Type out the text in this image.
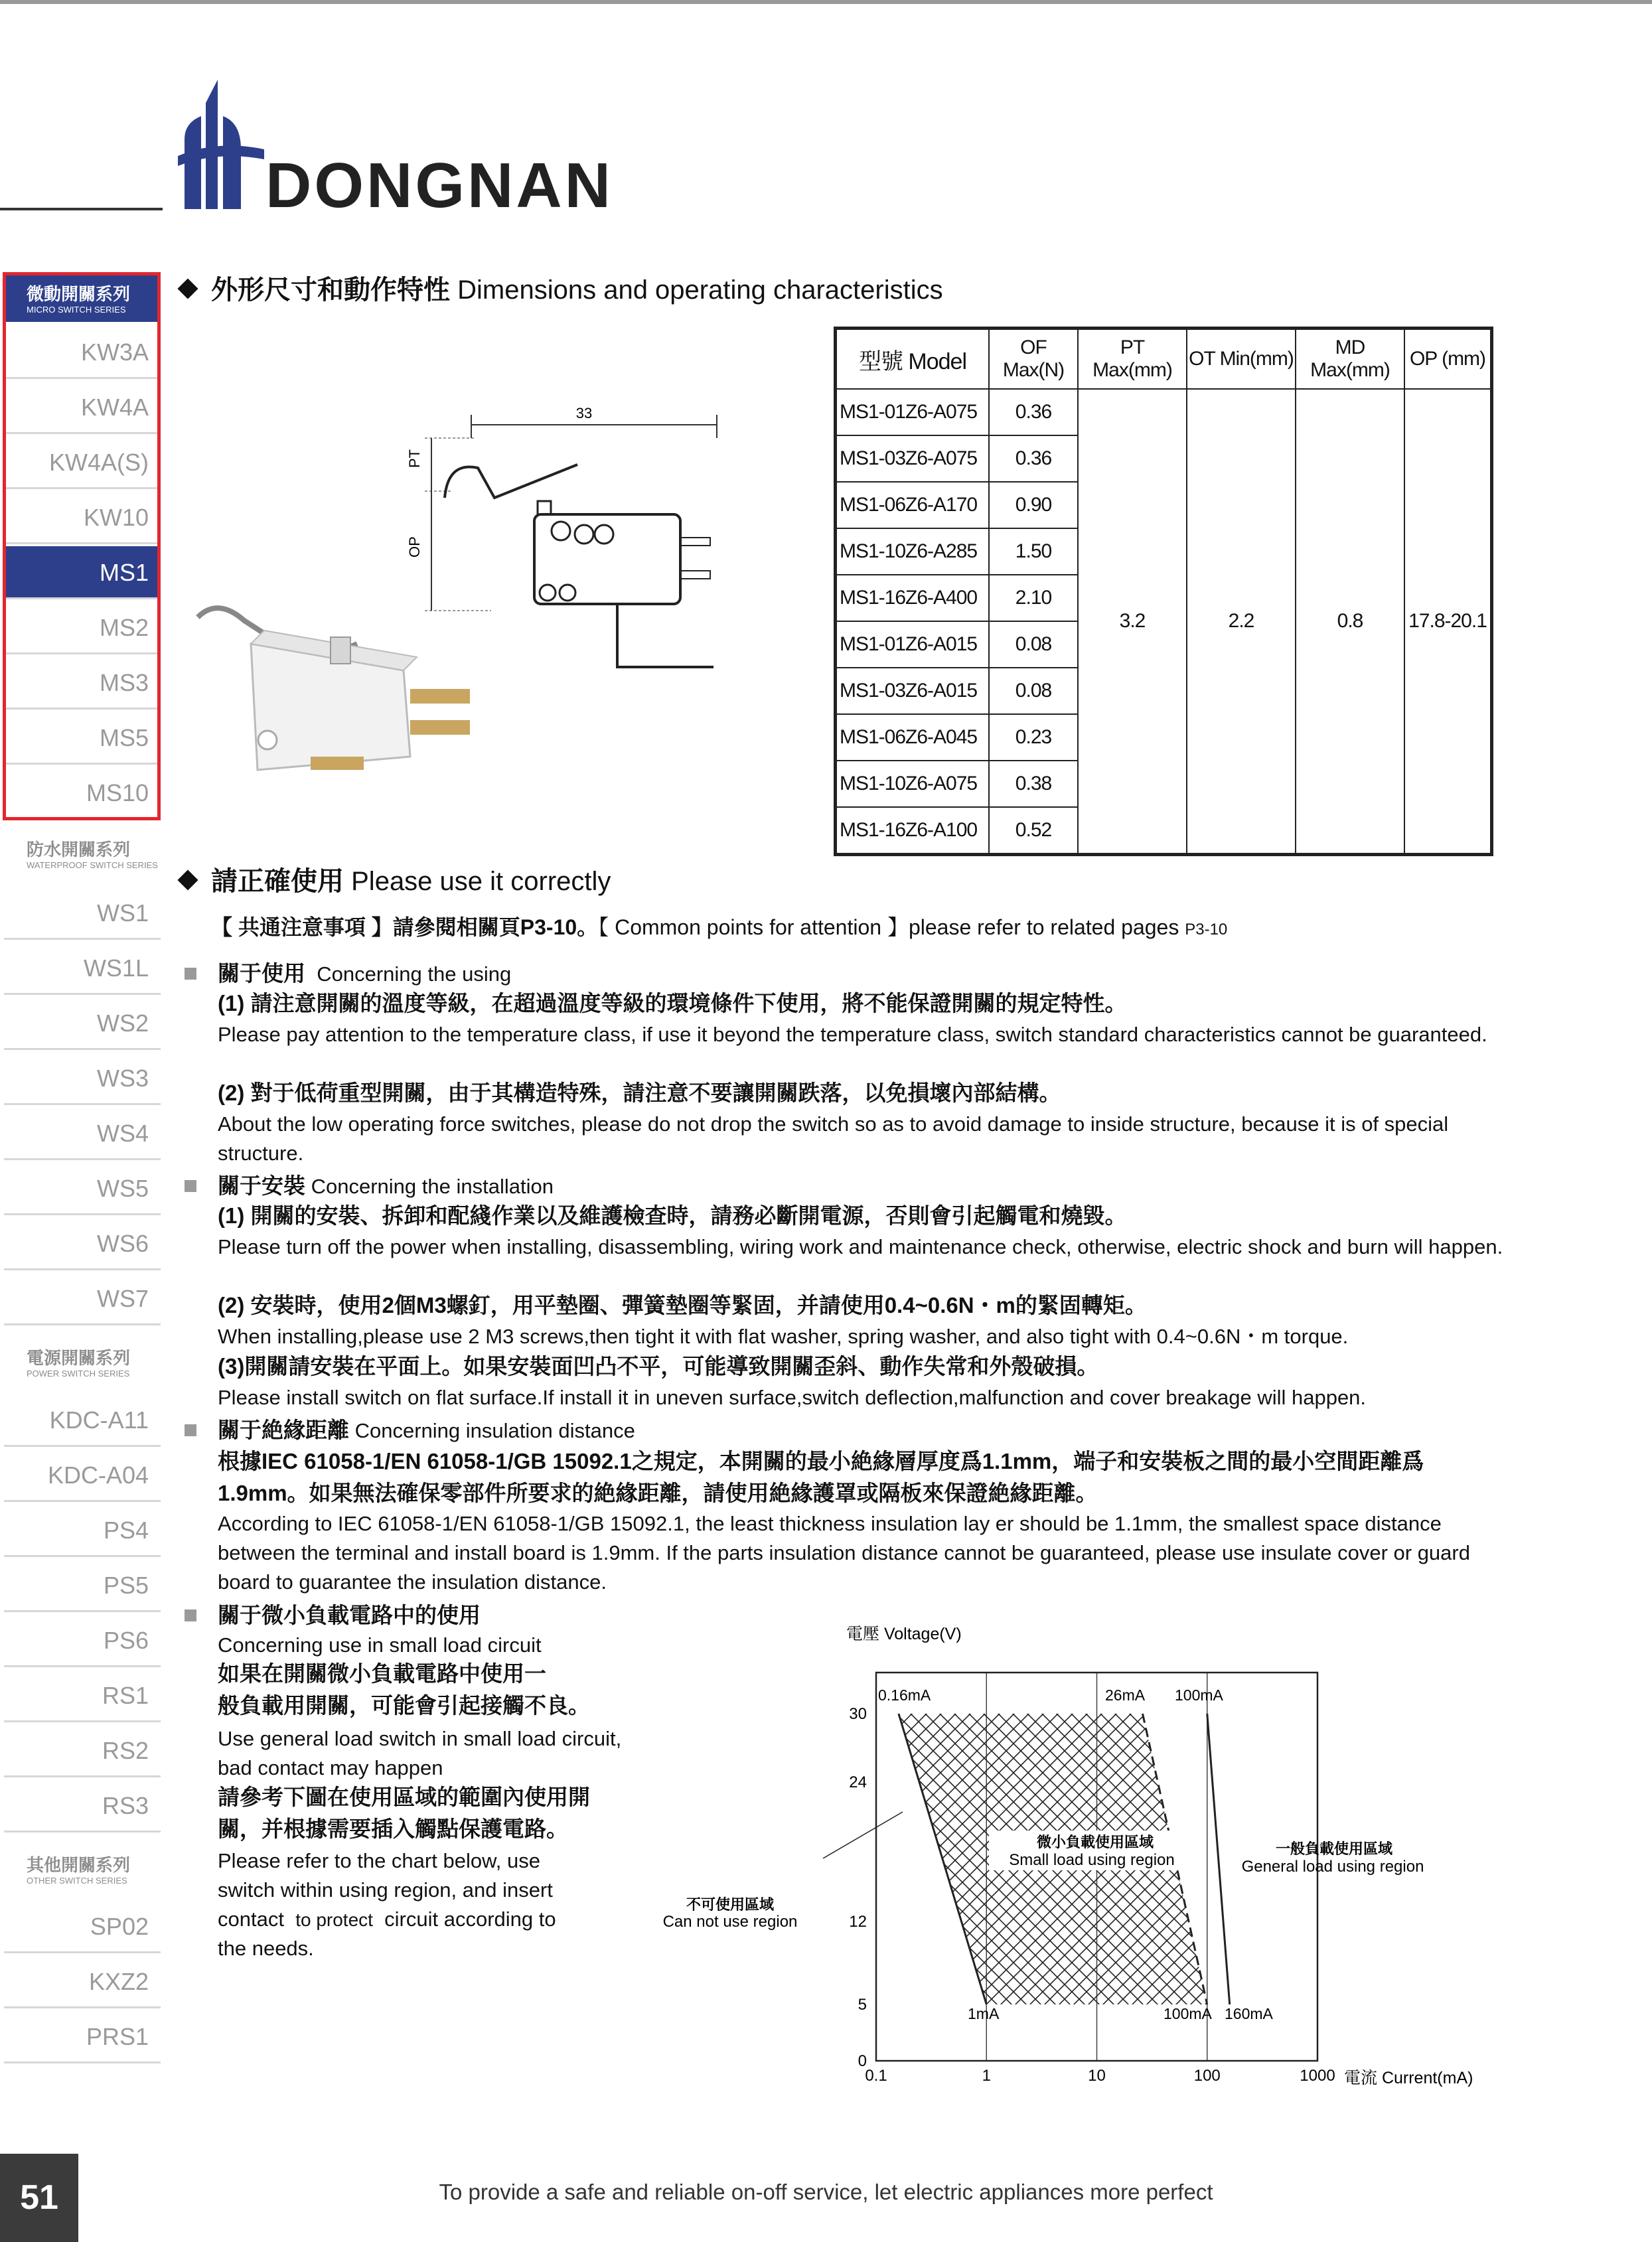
DONGNAN
微動開關系列
MICRO SWITCH SERIES
KW3A
KW4A
KW4A(S)
KW10
MS1
MS2
MS3
MS5
MS10
防水開關系列
WATERPROOF SWITCH SERIES
WS1
WS1L
WS2
WS3
WS4
WS5
WS6
WS7
電源開關系列
POWER SWITCH SERIES
KDC-A11
KDC-A04
PS4
PS5
PS6
RS1
RS2
RS3
其他開關系列
OTHER SWITCH SERIES
SP02
KXZ2
PRS1
外形尺寸和動作特性 Dimensions and operating characteristics
33
PT
OP
型號 Model	OF Max(N)	PT Max(mm)	OT Min(mm)	MD Max(mm)	OP (mm)
MS1-01Z6-A075	0.36	3.2	2.2	0.8	17.8-20.1
MS1-03Z6-A075	0.36				
MS1-06Z6-A170	0.90				
MS1-10Z6-A285	1.50				
MS1-16Z6-A400	2.10				
MS1-01Z6-A015	0.08				
MS1-03Z6-A015	0.08				
MS1-06Z6-A045	0.23				
MS1-10Z6-A075	0.38				
MS1-16Z6-A100	0.52				
請正確使用 Please use it correctly
【 共通注意事項 】請參閱相關頁P3-10。【 Common points for attention 】please refer to related pages P3-10
關于使用 Concerning the using
(1) 請注意開關的溫度等級，在超過溫度等級的環境條件下使用，將不能保證開關的規定特性。
Please pay attention to the temperature class, if use it beyond the temperature class, switch standard characteristics cannot be guaranteed.
(2) 對于低荷重型開關，由于其構造特殊，請注意不要讓開關跌落，以免損壞內部結構。
About the low operating force switches, please do not drop the switch so as to avoid damage to inside structure, because it is of special structure.
關于安裝 Concerning the installation
(1) 開關的安裝、拆卸和配綫作業以及維護檢查時，請務必斷開電源，否則會引起觸電和燒毀。
Please turn off the power when installing, disassembling, wiring work and maintenance check, otherwise, electric shock and burn will happen.
(2) 安裝時，使用2個M3螺釘，用平墊圈、彈簧墊圈等緊固，并請使用0.4~0.6N・m的緊固轉矩。
When installing,please use 2 M3 screws,then tight it with flat washer, spring washer, and also tight with 0.4~0.6N・m torque.
(3)開關請安裝在平面上。如果安裝面凹凸不平，可能導致開關歪斜、動作失常和外殼破損。
Please install switch on flat surface.If install it in uneven surface,switch deflection,malfunction and cover breakage will happen.
關于絶緣距離 Concerning insulation distance
根據IEC 61058-1/EN 61058-1/GB 15092.1之規定，本開關的最小絶緣層厚度爲1.1mm，端子和安裝板之間的最小空間距離爲1.9mm。如果無法確保零部件所要求的絶緣距離，請使用絶緣護罩或隔板來保證絶緣距離。
According to IEC 61058-1/EN 61058-1/GB 15092.1, the least thickness insulation lay er should be 1.1mm, the smallest space distance between the terminal and install board is 1.9mm. If the parts insulation distance cannot be guaranteed, please use insulate cover or guard board to guarantee the insulation distance.
關于微小負載電路中的使用
Concerning use in small load circuit
如果在開關微小負載電路中使用一
般負載用開關，可能會引起接觸不良。
Use general load switch in small load circuit,
bad contact may happen
請參考下圖在使用區域的範圍內使用開
關，并根據需要插入觸點保護電路。
Please refer to the chart below, use
switch within using region, and insert
contact to protect circuit according to
the needs.
電壓 Voltage(V)
電流 Current(mA)
0.1	1	10	100	1000
0
5
12
24
30
0.16mA	26mA 100mA
1mA	100mA 160mA
微小負載使用區域
Small load using region
一般負載使用區域
General load using region
不可使用區域
Can not use region
51	To provide a safe and reliable on-off service, let electric appliances more perfect
